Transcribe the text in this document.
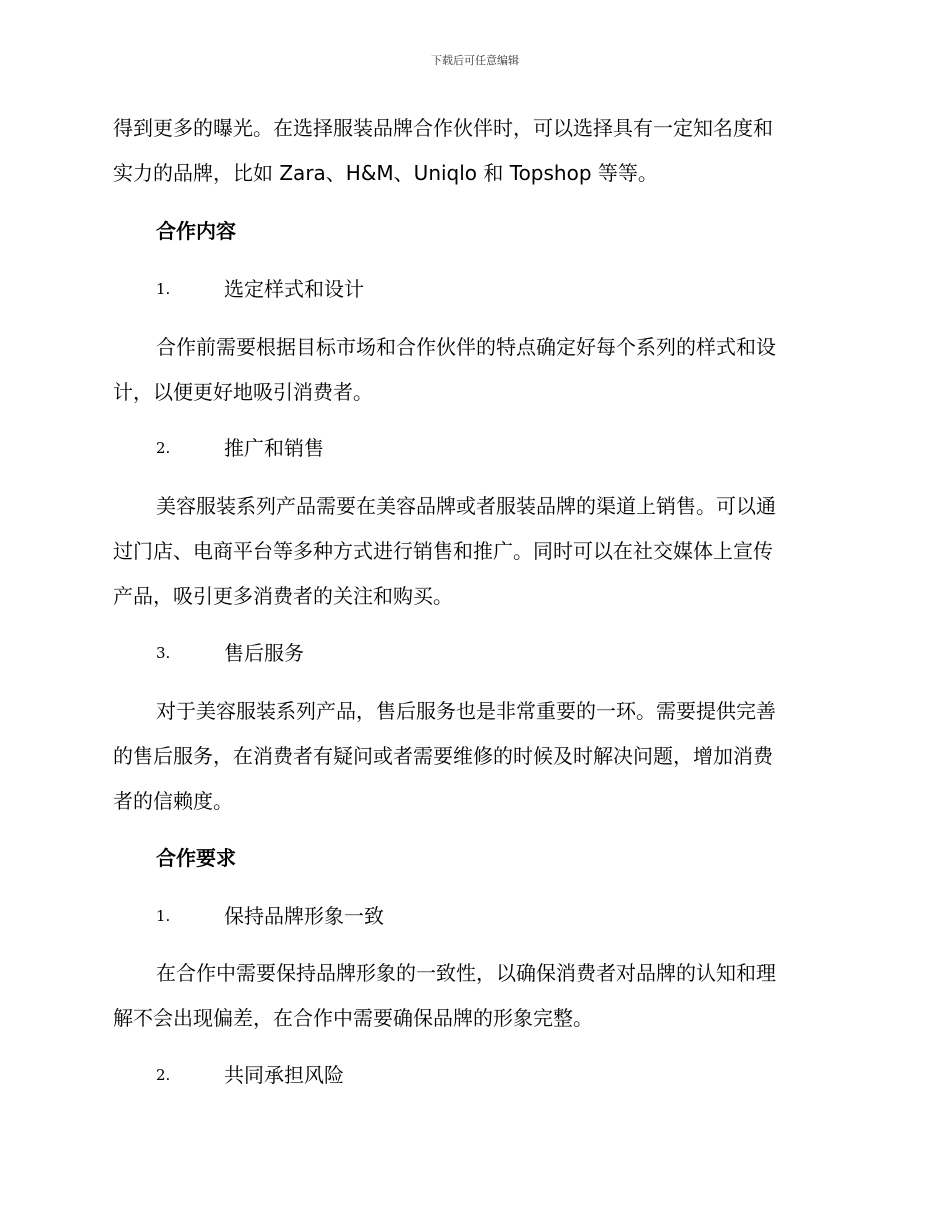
下载后可任意编辑
得到更多的曝光。在选择服装品牌合作伙伴时，可以选择具有一定知名度和
实力的品牌，比如 Zara、H&M、Uniqlo 和 Topshop 等等。
合作内容
1.	选定样式和设计
合作前需要根据目标市场和合作伙伴的特点确定好每个系列的样式和设
计，以便更好地吸引消费者。
2.	推广和销售
美容服装系列产品需要在美容品牌或者服装品牌的渠道上销售。可以通
过门店、电商平台等多种方式进行销售和推广。同时可以在社交媒体上宣传
产品，吸引更多消费者的关注和购买。
3.	售后服务
对于美容服装系列产品，售后服务也是非常重要的一环。需要提供完善
的售后服务，在消费者有疑问或者需要维修的时候及时解决问题，增加消费
者的信赖度。
合作要求
1.	保持品牌形象一致
在合作中需要保持品牌形象的一致性，以确保消费者对品牌的认知和理
解不会出现偏差，在合作中需要确保品牌的形象完整。
2.	共同承担风险
